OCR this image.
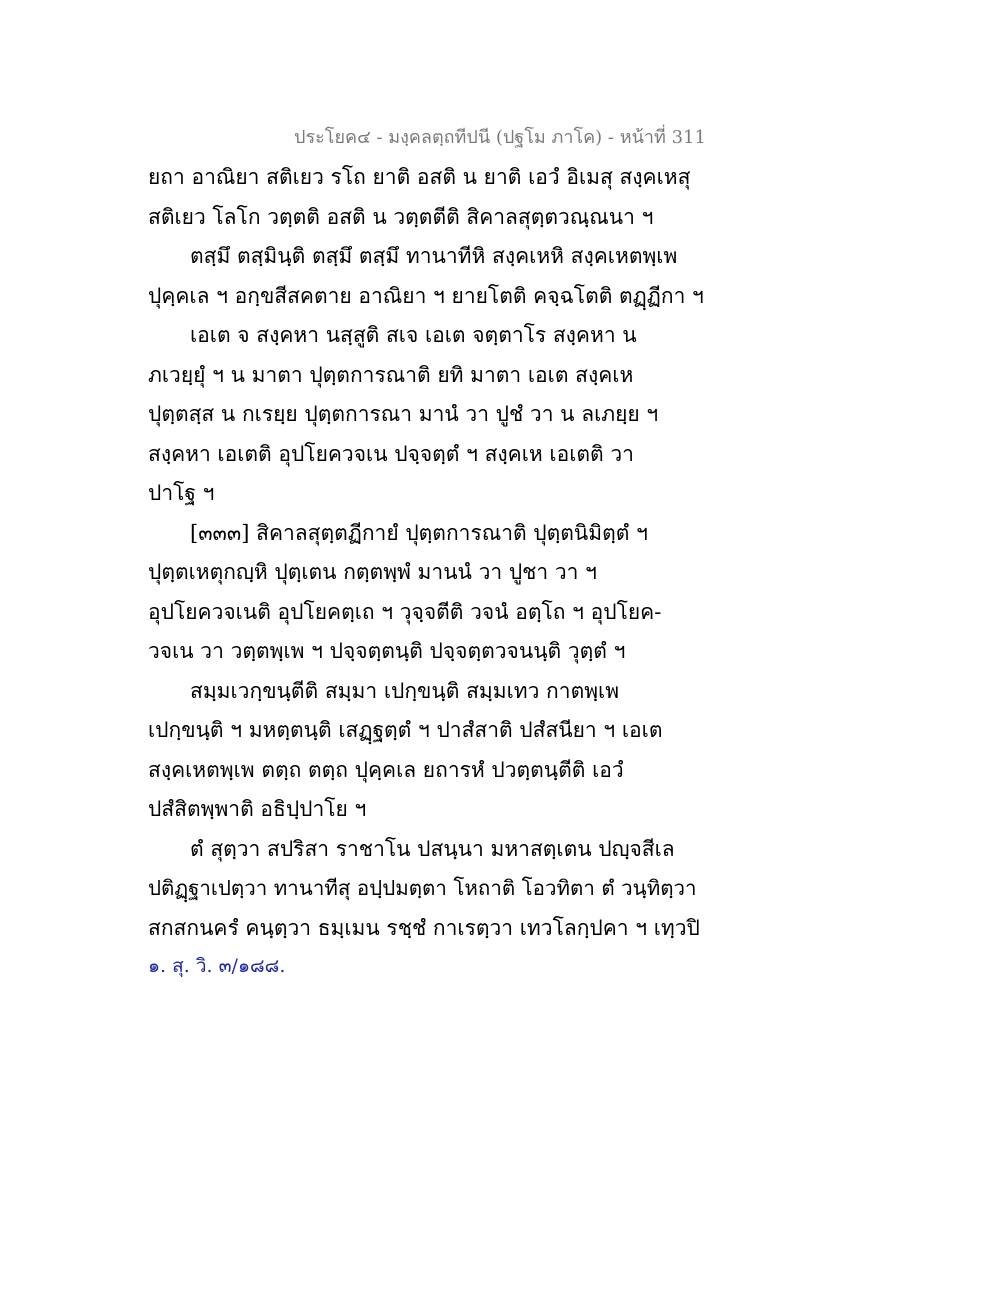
ประโยค๔ - มงฺคลตฺถทีปนี (ปฐโม ภาโค) - หน้าที่ 311
ยถา อาณิยา สติเยว รโถ ยาติ อสติ น ยาติ เอวํ อิเมสุ สงฺคเหสุ
สติเยว โลโก วตฺตติ อสติ น วตฺตตีติ สิคาลสุตฺตวณฺณนา ฯ
ตสฺมึ ตสฺมินฺติ ตสฺมึ ตสฺมึ ทานาทีหิ สงฺคเหหิ สงฺคเหตพฺเพ
ปุคฺคเล ฯ อกฺขสีสคตาย อาณิยา ฯ ยายโตติ คจฺฉโตติ ตฏฺฏีกา ฯ
เอเต จ สงฺคหา นสฺสูติ สเจ เอเต จตฺตาโร สงฺคหา น
ภเวยฺยุํ ฯ น มาตา ปุตฺตการณาติ ยทิ มาตา เอเต สงฺคเห
ปุตฺตสฺส น กเรยฺย ปุตฺตการณา มานํ วา ปูชํ วา น ลเภยฺย ฯ
สงฺคหา เอเตติ อุปโยควจเน ปจฺจตฺตํ ฯ สงฺคเห เอเตติ วา
ปาโฐ ฯ
[๓๓๓] สิคาลสุตฺตฏีกายํ ปุตฺตการณาติ ปุตฺตนิมิตฺตํ ฯ
ปุตฺตเหตุกญฺหิ ปุตฺเตน กตฺตพฺพํ มานนํ วา ปูชา วา ฯ
อุปโยควจเนติ อุปโยคตฺเถ ฯ วุจฺจตีติ วจนํ อตฺโถ ฯ อุปโยค-
วจเน วา วตฺตพฺเพ ฯ ปจฺจตฺตนฺติ ปจฺจตฺตวจนนฺติ วุตฺตํ ฯ
สมฺมเวกฺขนฺตีติ สมฺมา เปกฺขนฺติ สมฺมเทว กาตพฺเพ
เปกฺขนฺติ ฯ มหตฺตนฺติ เสฏฺฐตฺตํ ฯ ปาสํสาติ ปสํสนียา ฯ เอเต
สงฺคเหตพฺเพ ตตฺถ ตตฺถ ปุคฺคเล ยถารหํ ปวตฺตนฺตีติ เอวํ
ปสํสิตพฺพาติ อธิปฺปาโย ฯ
ตํ สุตฺวา สปริสา ราชาโน ปสนฺนา มหาสตฺเตน ปญฺจสีเล
ปติฏฺฐาเปตฺวา ทานาทีสุ อปฺปมตฺตา โหถาติ โอวทิตา ตํ วนฺทิตฺวา
สกสกนครํ คนฺตฺวา ธมฺเมน รชฺชํ กาเรตฺวา เทวโลกฺปคา ฯ เทฺวปิ
๑. สุ. วิ. ๓/๑๘๘.
